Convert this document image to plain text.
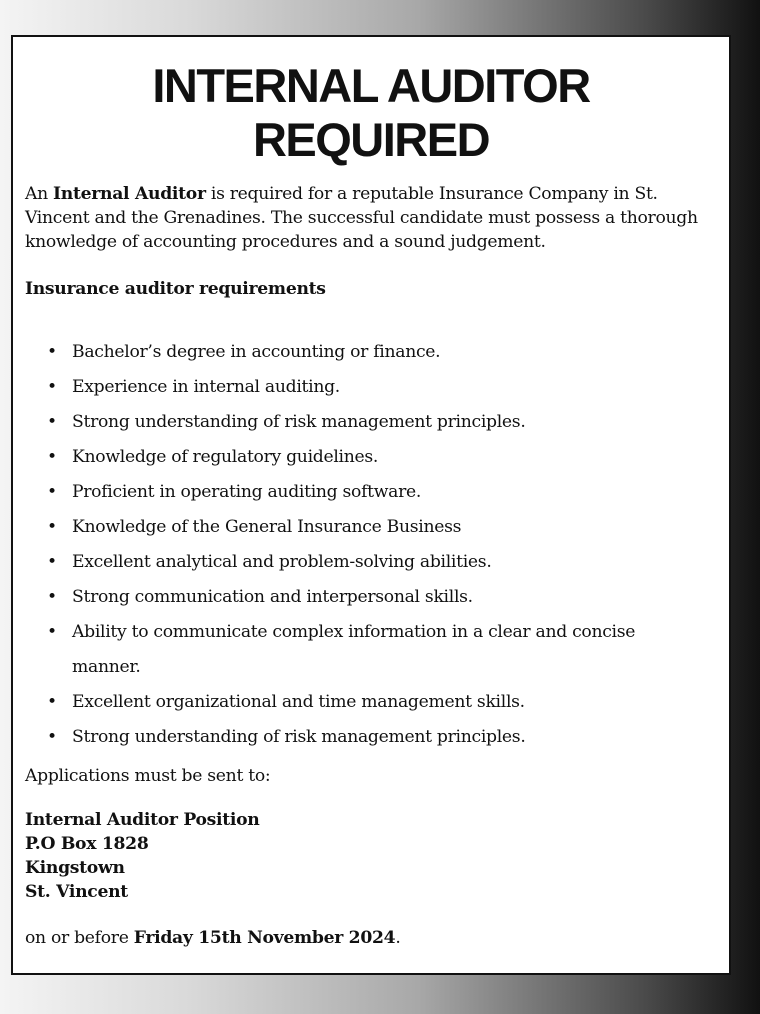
INTERNAL AUDITOR
REQUIRED
An Internal Auditor is required for a reputable Insurance Company in St. Vincent and the Grenadines. The successful candidate must possess a thorough knowledge of accounting procedures and a sound judgement.
Insurance auditor requirements
• Bachelor’s degree in accounting or finance.
• Experience in internal auditing.
• Strong understanding of risk management principles.
• Knowledge of regulatory guidelines.
• Proficient in operating auditing software.
• Knowledge of the General Insurance Business
• Excellent analytical and problem-solving abilities.
• Strong communication and interpersonal skills.
• Ability to communicate complex information in a clear and concise manner.
• Excellent organizational and time management skills.
• Strong understanding of risk management principles.
Applications must be sent to:
Internal Auditor Position
P.O Box 1828
Kingstown
St. Vincent
on or before Friday 15th November 2024.
